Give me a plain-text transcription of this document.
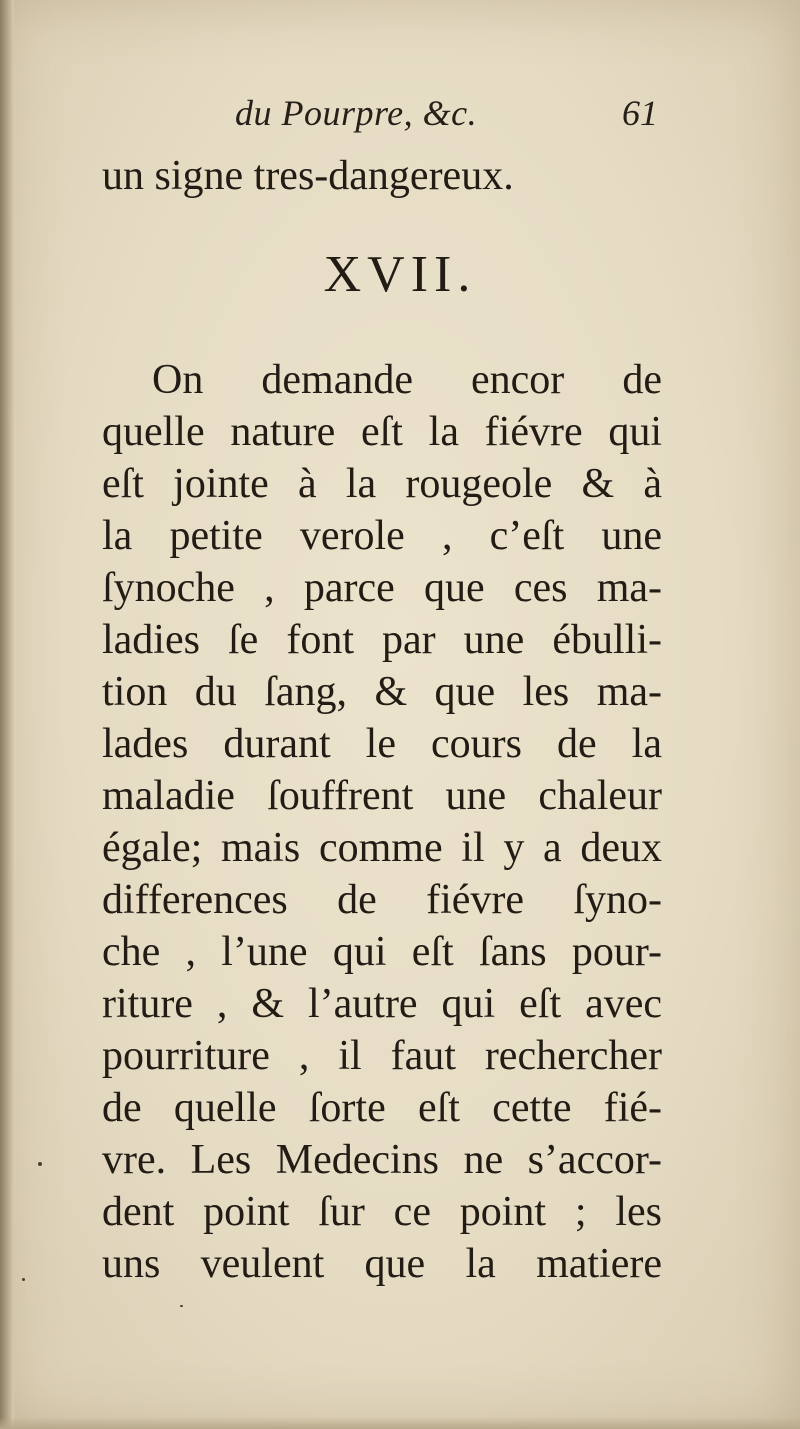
du Pourpre, &c.	61
un signe tres-dangereux.
XVII.
On demande encor de
quelle nature eſt la fiévre qui
eſt jointe à la rougeole & à
la petite verole , c’eſt une
ſynoche , parce que ces ma-
ladies ſe font par une ébulli-
tion du ſang, & que les ma-
lades durant le cours de la
maladie ſouffrent une chaleur
égale; mais comme il y a deux
differences de fiévre ſyno-
che , l’une qui eſt ſans pour-
riture , & l’autre qui eſt avec
pourriture , il faut rechercher
de quelle ſorte eſt cette fié-
vre. Les Medecins ne s’accor-
dent point ſur ce point ; les
uns veulent que la matiere
